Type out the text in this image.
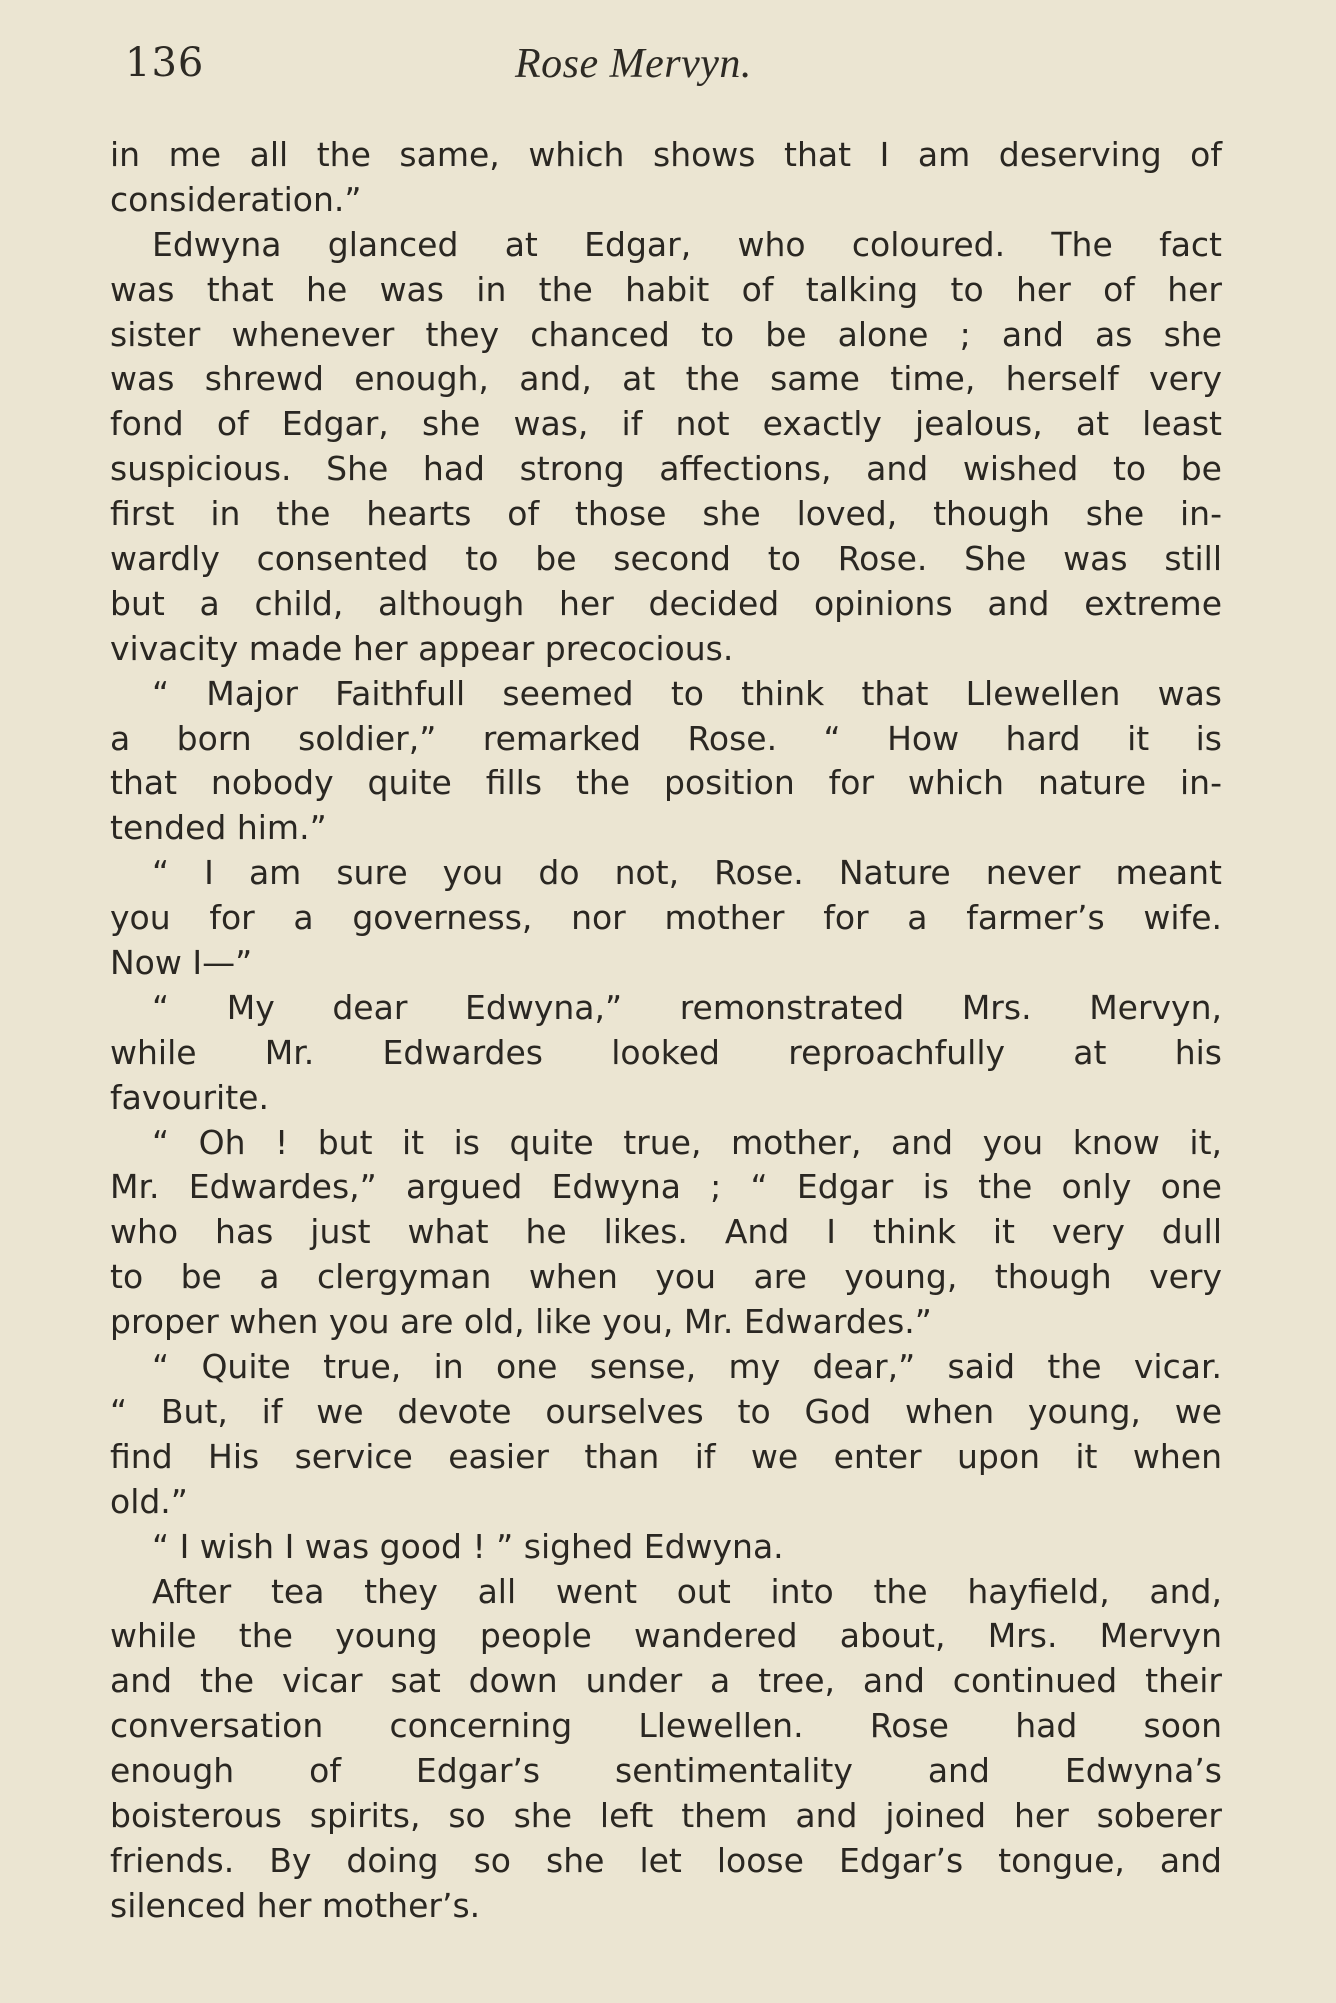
136	Rose Mervyn.
in me all the same, which shows that I am deserving of
consideration.”
Edwyna glanced at Edgar, who coloured. The fact
was that he was in the habit of talking to her of her
sister whenever they chanced to be alone ; and as she
was shrewd enough, and, at the same time, herself very
fond of Edgar, she was, if not exactly jealous, at least
suspicious. She had strong affections, and wished to be
first in the hearts of those she loved, though she in-
wardly consented to be second to Rose. She was still
but a child, although her decided opinions and extreme
vivacity made her appear precocious.
“ Major Faithfull seemed to think that Llewellen was
a born soldier,” remarked Rose. “ How hard it is
that nobody quite fills the position for which nature in-
tended him.”
“ I am sure you do not, Rose. Nature never meant
you for a governess, nor mother for a farmer’s wife.
Now I—”
“ My dear Edwyna,” remonstrated Mrs. Mervyn,
while Mr. Edwardes looked reproachfully at his
favourite.
“ Oh ! but it is quite true, mother, and you know it,
Mr. Edwardes,” argued Edwyna ; “ Edgar is the only one
who has just what he likes. And I think it very dull
to be a clergyman when you are young, though very
proper when you are old, like you, Mr. Edwardes.”
“ Quite true, in one sense, my dear,” said the vicar.
“ But, if we devote ourselves to God when young, we
find His service easier than if we enter upon it when
old.”
“ I wish I was good ! ” sighed Edwyna.
After tea they all went out into the hayfield, and,
while the young people wandered about, Mrs. Mervyn
and the vicar sat down under a tree, and continued their
conversation concerning Llewellen. Rose had soon
enough of Edgar’s sentimentality and Edwyna’s
boisterous spirits, so she left them and joined her soberer
friends. By doing so she let loose Edgar’s tongue, and
silenced her mother’s.
